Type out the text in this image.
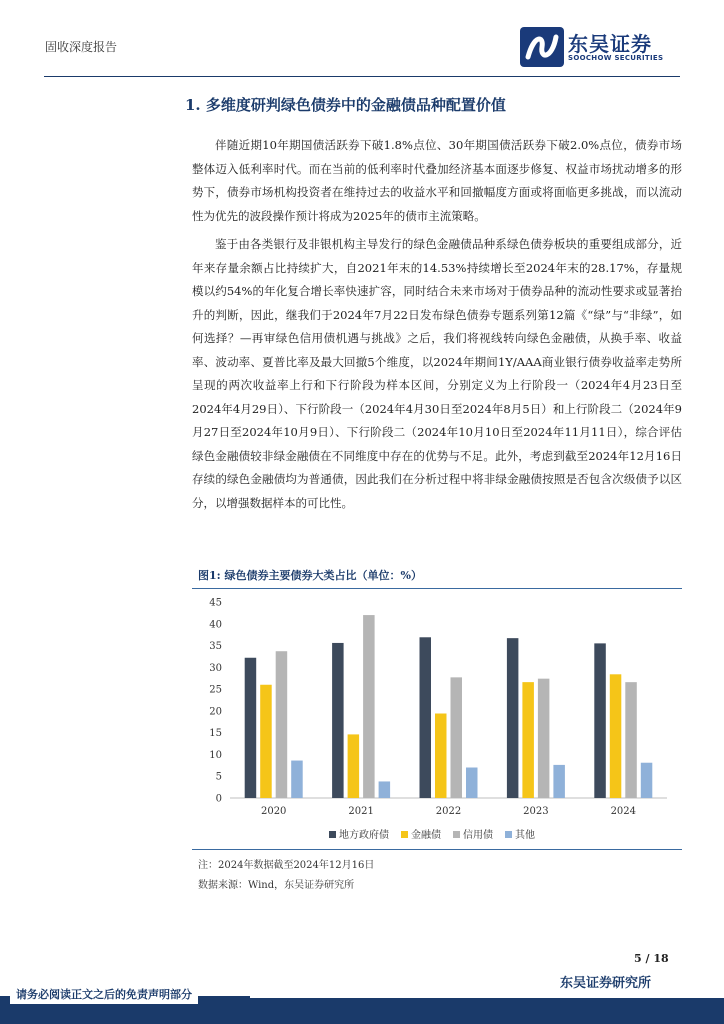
固收深度报告	东吴证券
SOOCHOW SECURITIES
1. 多维度研判绿色债券中的金融债品种配置价值

伴随近期10年期国债活跃券下破1.8%点位、30年期国债活跃券下破2.0%点位，债券市场整体迈入低利率时代。而在当前的低利率时代叠加经济基本面逐步修复、权益市场扰动增多的形势下，债券市场机构投资者在维持过去的收益水平和回撤幅度方面或将面临更多挑战，而以流动性为优先的波段操作预计将成为2025年的债市主流策略。

鉴于由各类银行及非银机构主导发行的绿色金融债品种系绿色债券板块的重要组成部分，近年来存量余额占比持续扩大，自2021年末的14.53%持续增长至2024年末的28.17%，存量规模以约54%的年化复合增长率快速扩容，同时结合未来市场对于债券品种的流动性要求或显著抬升的判断，因此，继我们于2024年7月22日发布绿色债券专题系列第12篇《“绿”与“非绿”，如何选择？—再审绿色信用债机遇与挑战》之后，我们将视线转向绿色金融债，从换手率、收益率、波动率、夏普比率及最大回撤5个维度，以2024年期间1Y/AAA商业银行债券收益率走势所呈现的两次收益率上行和下行阶段为样本区间，分别定义为上行阶段一（2024年4月23日至2024年4月29日）、下行阶段一（2024年4月30日至2024年8月5日）和上行阶段二（2024年9月27日至2024年10月9日）、下行阶段二（2024年10月10日至2024年11月11日），综合评估绿色金融债较非绿金融债在不同维度中存在的优势与不足。此外，考虑到截至2024年12月16日存续的绿色金融债均为普通债，因此我们在分析过程中将非绿金融债按照是否包含次级债予以区分，以增强数据样本的可比性。

图1: 绿色债券主要债券大类占比（单位：%）
0
5
10
15
20
25
30
35
40
45
2020	2021	2022	2023	2024
地方政府债 金融债 信用债 其他
注：2024年数据截至2024年12月16日
数据来源：Wind，东吴证券研究所
5 / 18
东吴证券研究所
请务必阅读正文之后的免责声明部分
